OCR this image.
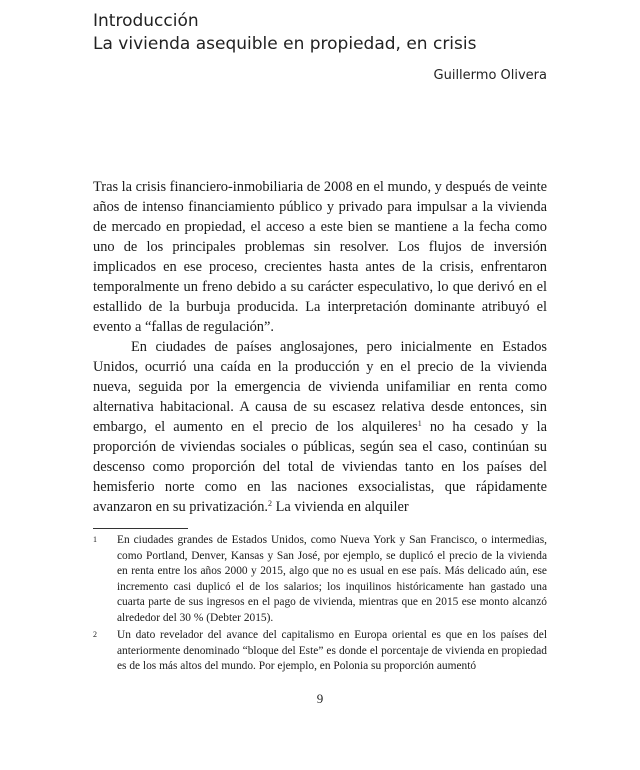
Introducción
La vivienda asequible en propiedad, en crisis
Guillermo Olivera

Tras la crisis financiero-inmobiliaria de 2008 en el mundo, y después de veinte años de intenso financiamiento público y privado para impulsar a la vivienda de mercado en propiedad, el acceso a este bien se mantiene a la fecha como uno de los principales problemas sin resolver. Los flujos de inversión implicados en ese proceso, crecientes hasta antes de la crisis, enfrentaron temporalmente un freno debido a su carácter especulativo, lo que derivó en el estallido de la burbuja producida. La interpretación dominante atribuyó el evento a “fallas de regulación”.

En ciudades de países anglosajones, pero inicialmente en Estados Unidos, ocurrió una caída en la producción y en el precio de la vivienda nueva, seguida por la emergencia de vivienda unifamiliar en renta como alternativa habitacional. A causa de su escasez relativa desde entonces, sin embargo, el aumento en el precio de los alquileres$^1$ no ha cesado y la proporción de viviendas sociales o públicas, según sea el caso, continúan su descenso como proporción del total de viviendas tanto en los países del hemisferio norte como en las naciones exsocialistas, que rápidamente avanzaron en su privatización.$^2$ La vivienda en alquiler

1 En ciudades grandes de Estados Unidos, como Nueva York y San Francisco, o intermedias, como Portland, Denver, Kansas y San José, por ejemplo, se duplicó el precio de la vivienda en renta entre los años 2000 y 2015, algo que no es usual en ese país. Más delicado aún, ese incremento casi duplicó el de los salarios; los inquilinos históricamente han gastado una cuarta parte de sus ingresos en el pago de vivienda, mientras que en 2015 ese monto alcanzó alrededor del 30 % (Debter 2015).
2 Un dato revelador del avance del capitalismo en Europa oriental es que en los países del anteriormente denominado “bloque del Este” es donde el porcentaje de vivienda en propiedad es de los más altos del mundo. Por ejemplo, en Polonia su proporción aumentó
9
